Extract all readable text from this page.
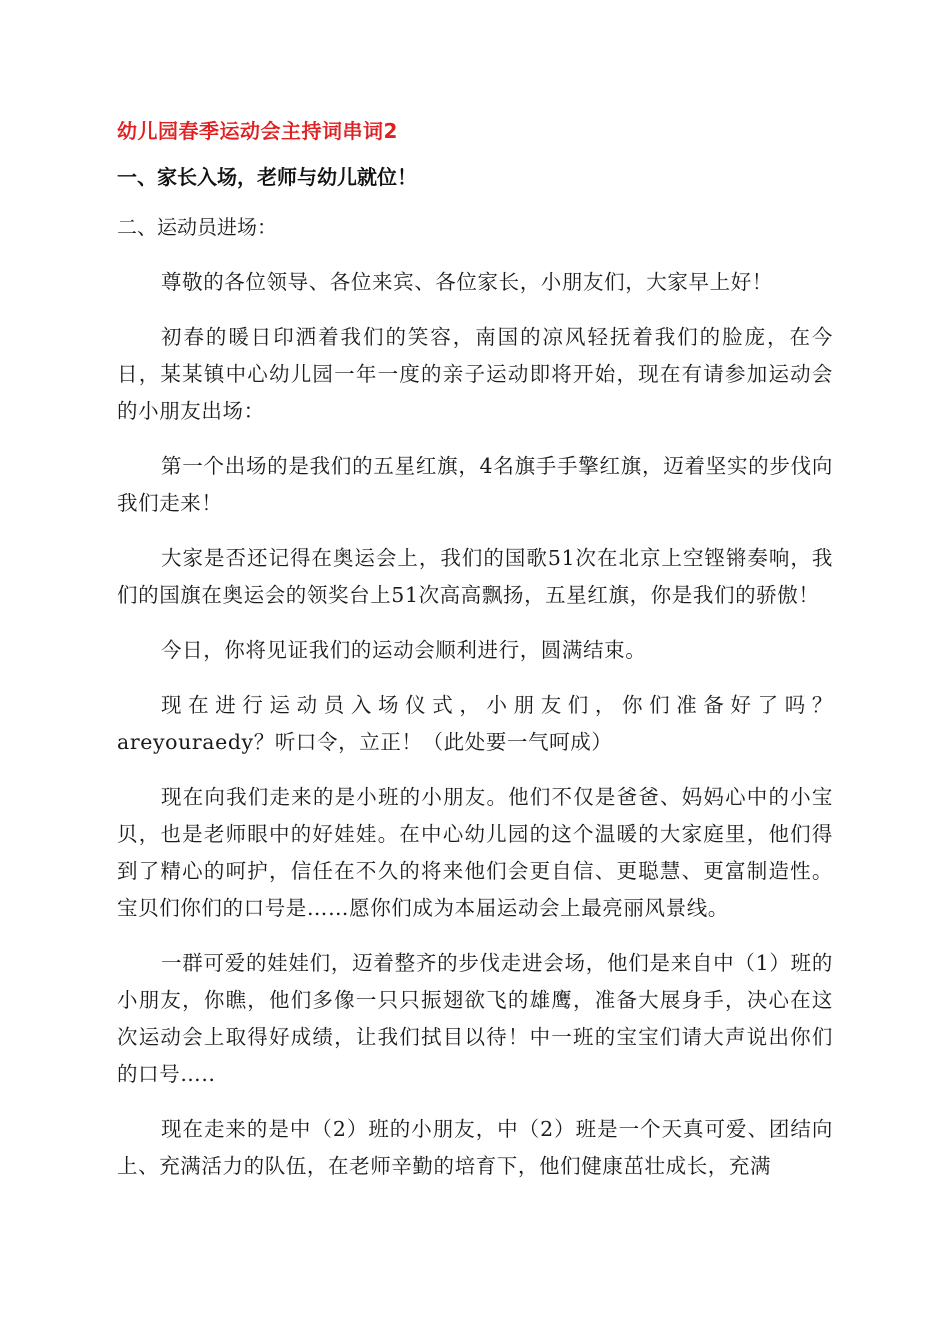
幼儿园春季运动会主持词串词2
一、家长入场，老师与幼儿就位！
二、运动员进场：

尊敬的各位领导、各位来宾、各位家长，小朋友们，大家早上好！

初春的暖日印洒着我们的笑容，南国的凉风轻抚着我们的脸庞，在今日，某某镇中心幼儿园一年一度的亲子运动即将开始，现在有请参加运动会的小朋友出场：

第一个出场的是我们的五星红旗，4名旗手手擎红旗，迈着坚实的步伐向我们走来！

大家是否还记得在奥运会上，我们的国歌51次在北京上空铿锵奏响，我们的国旗在奥运会的领奖台上51次高高飘扬，五星红旗，你是我们的骄傲！

今日，你将见证我们的运动会顺利进行，圆满结束。

现在进行运动员入场仪式，小朋友们，你们准备好了吗？areyouraedy？听口令，立正！（此处要一气呵成）

现在向我们走来的是小班的小朋友。他们不仅是爸爸、妈妈心中的小宝贝，也是老师眼中的好娃娃。在中心幼儿园的这个温暖的大家庭里，他们得到了精心的呵护，信任在不久的将来他们会更自信、更聪慧、更富制造性。宝贝们你们的口号是……愿你们成为本届运动会上最亮丽风景线。

一群可爱的娃娃们，迈着整齐的步伐走进会场，他们是来自中（1）班的小朋友，你瞧，他们多像一只只振翅欲飞的雄鹰，准备大展身手，决心在这次运动会上取得好成绩，让我们拭目以待！中一班的宝宝们请大声说出你们的口号….．

现在走来的是中（2）班的小朋友，中（2）班是一个天真可爱、团结向上、充满活力的队伍，在老师辛勤的培育下，他们健康茁壮成长，充满
